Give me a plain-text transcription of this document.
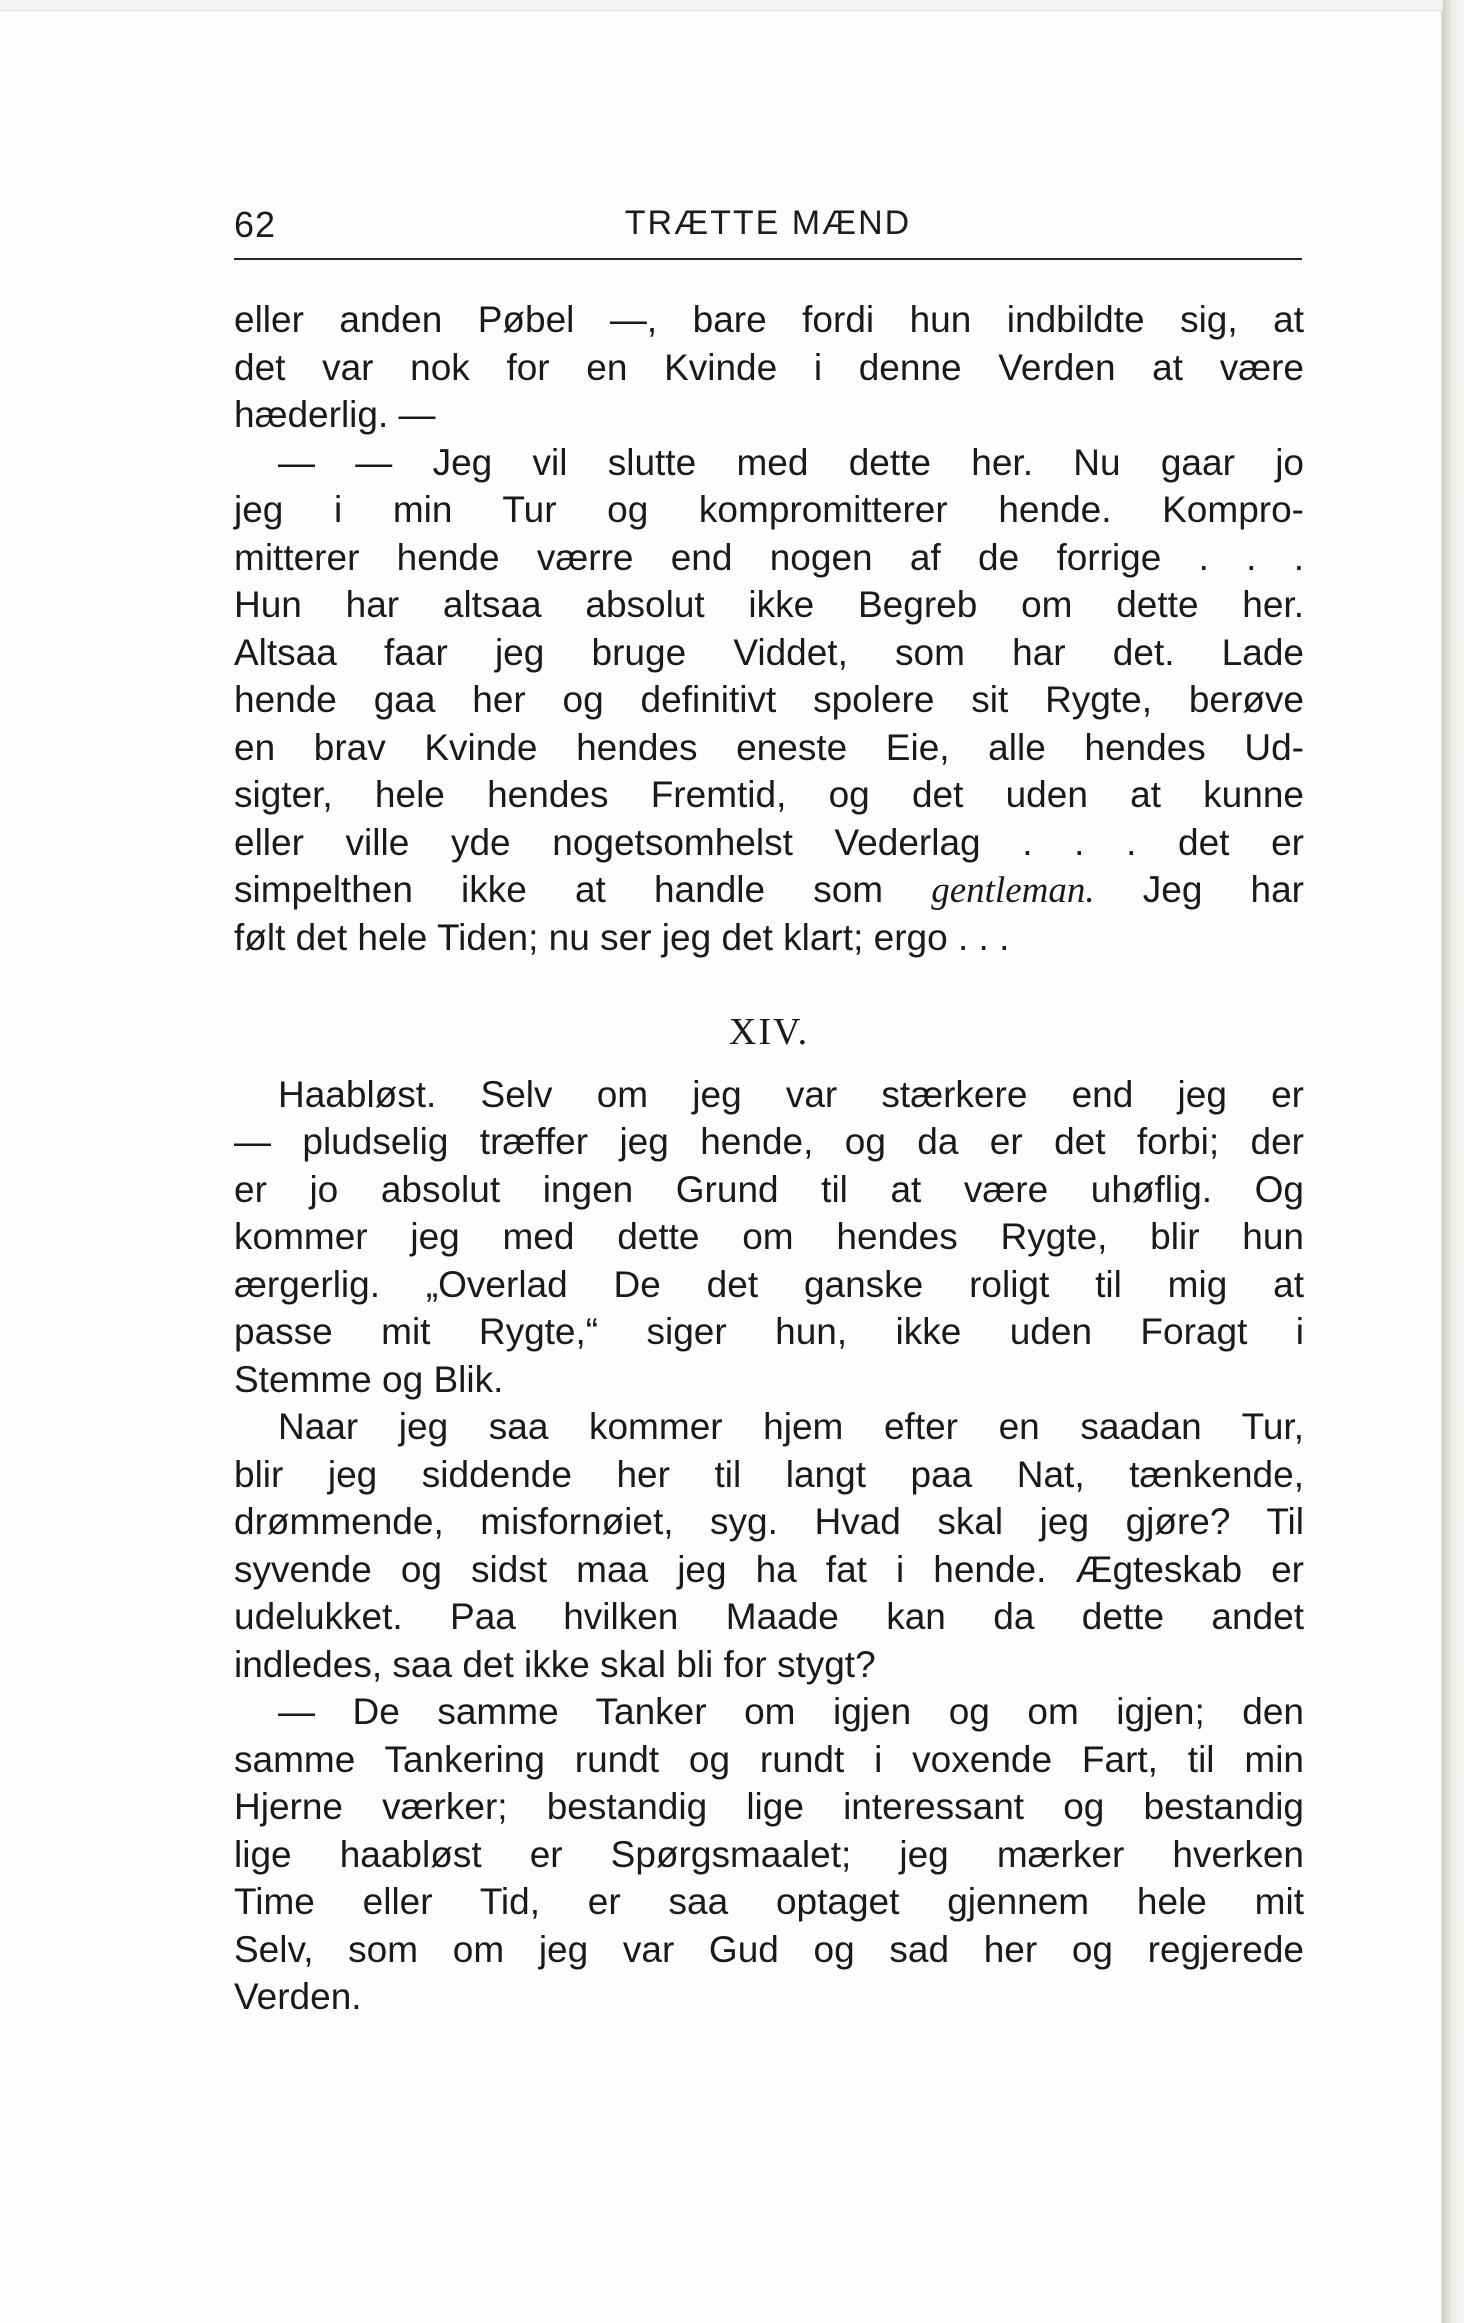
62	TRÆTTE MÆND
eller anden Pøbel —, bare fordi hun indbildte sig, at
det var nok for en Kvinde i denne Verden at være
hæderlig. —
— — Jeg vil slutte med dette her. Nu gaar jo
jeg i min Tur og kompromitterer hende. Kompro-
mitterer hende værre end nogen af de forrige . . .
Hun har altsaa absolut ikke Begreb om dette her.
Altsaa faar jeg bruge Viddet, som har det. Lade
hende gaa her og definitivt spolere sit Rygte, berøve
en brav Kvinde hendes eneste Eie, alle hendes Ud-
sigter, hele hendes Fremtid, og det uden at kunne
eller ville yde nogetsomhelst Vederlag . . . det er
simpelthen ikke at handle som gentleman. Jeg har
følt det hele Tiden; nu ser jeg det klart; ergo . . .
XIV.
Haabløst. Selv om jeg var stærkere end jeg er
— pludselig træffer jeg hende, og da er det forbi; der
er jo absolut ingen Grund til at være uhøflig. Og
kommer jeg med dette om hendes Rygte, blir hun
ærgerlig. „Overlad De det ganske roligt til mig at
passe mit Rygte,“ siger hun, ikke uden Foragt i
Stemme og Blik.
Naar jeg saa kommer hjem efter en saadan Tur,
blir jeg siddende her til langt paa Nat, tænkende,
drømmende, misfornøiet, syg. Hvad skal jeg gjøre? Til
syvende og sidst maa jeg ha fat i hende. Ægteskab er
udelukket. Paa hvilken Maade kan da dette andet
indledes, saa det ikke skal bli for stygt?
— De samme Tanker om igjen og om igjen; den
samme Tankering rundt og rundt i voxende Fart, til min
Hjerne værker; bestandig lige interessant og bestandig
lige haabløst er Spørgsmaalet; jeg mærker hverken
Time eller Tid, er saa optaget gjennem hele mit
Selv, som om jeg var Gud og sad her og regjerede
Verden.
